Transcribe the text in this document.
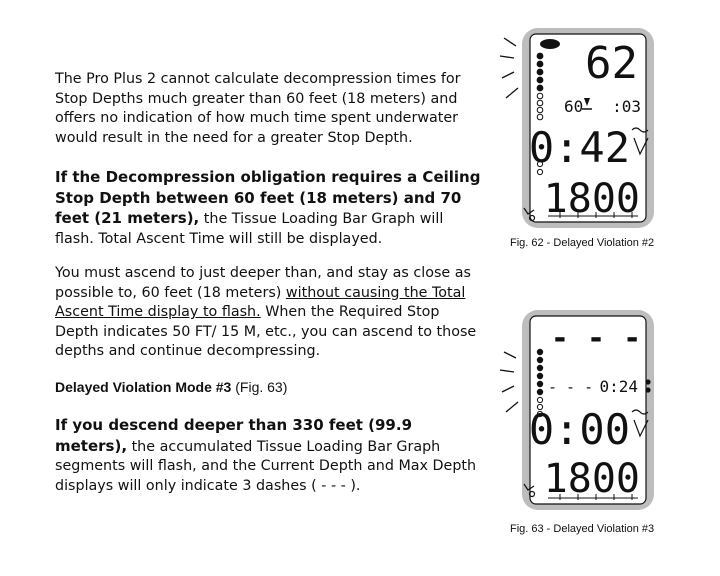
The Pro Plus 2 cannot calculate decompression times for Stop Depths much greater than 60 feet (18 meters) and offers no indication of how much time spent underwater would result in the need for a greater Stop Depth.

If the Decompression obligation requires a Ceiling Stop Depth between 60 feet (18 meters) and 70 feet (21 meters), the Tissue Loading Bar Graph will flash. Total Ascent Time will still be displayed.

You must ascend to just deeper than, and stay as close as possible to, 60 feet (18 meters) without causing the Total Ascent Time display to flash. When the Required Stop Depth indicates 50 FT/ 15 M, etc., you can ascend to those depths and continue decompressing.

Delayed Violation Mode #3 (Fig. 63)

If you descend deeper than 330 feet (99.9 meters), the accumulated Tissue Loading Bar Graph segments will flash, and the Current Depth and Max Depth displays will only indicate 3 dashes ( - - - ).

62
60 :03
0:42
1800
Fig. 62 - Delayed Violation #2
- - -
- - - 0:24
0:00
1800
Fig. 63 - Delayed Violation #3
